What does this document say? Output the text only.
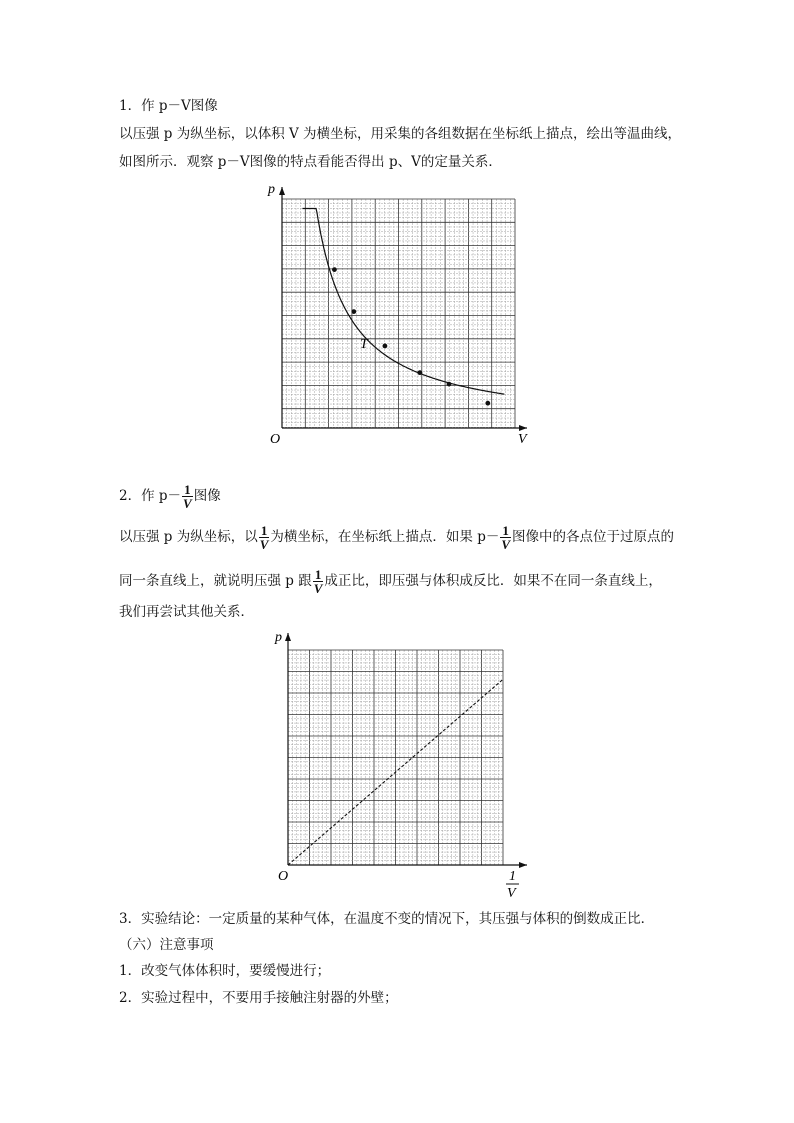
1．作 p－V图像
以压强 p 为纵坐标，以体积 V 为横坐标，用采集的各组数据在坐标纸上描点，绘出等温曲线，
如图所示．观察 p－V图像的特点看能否得出 p、V的定量关系．
p
V
O
T
2．作 $p- \frac{1}{V}$ 图像
以压强 p 为纵坐标，以 $\frac{1}{V}$ 为横坐标，在坐标纸上描点．如果 $p- \frac{1}{V}$ 图像中的各点位于过原点的
同一条直线上，就说明压强 p 跟 $\frac{1}{V}$ 成正比，即压强与体积成反比．如果不在同一条直线上，
我们再尝试其他关系．
p
O	1
V
3．实验结论：一定质量的某种气体，在温度不变的情况下，其压强与体积的倒数成正比．
（六）注意事项
1．改变气体体积时，要缓慢进行；
2．实验过程中，不要用手接触注射器的外壁；
